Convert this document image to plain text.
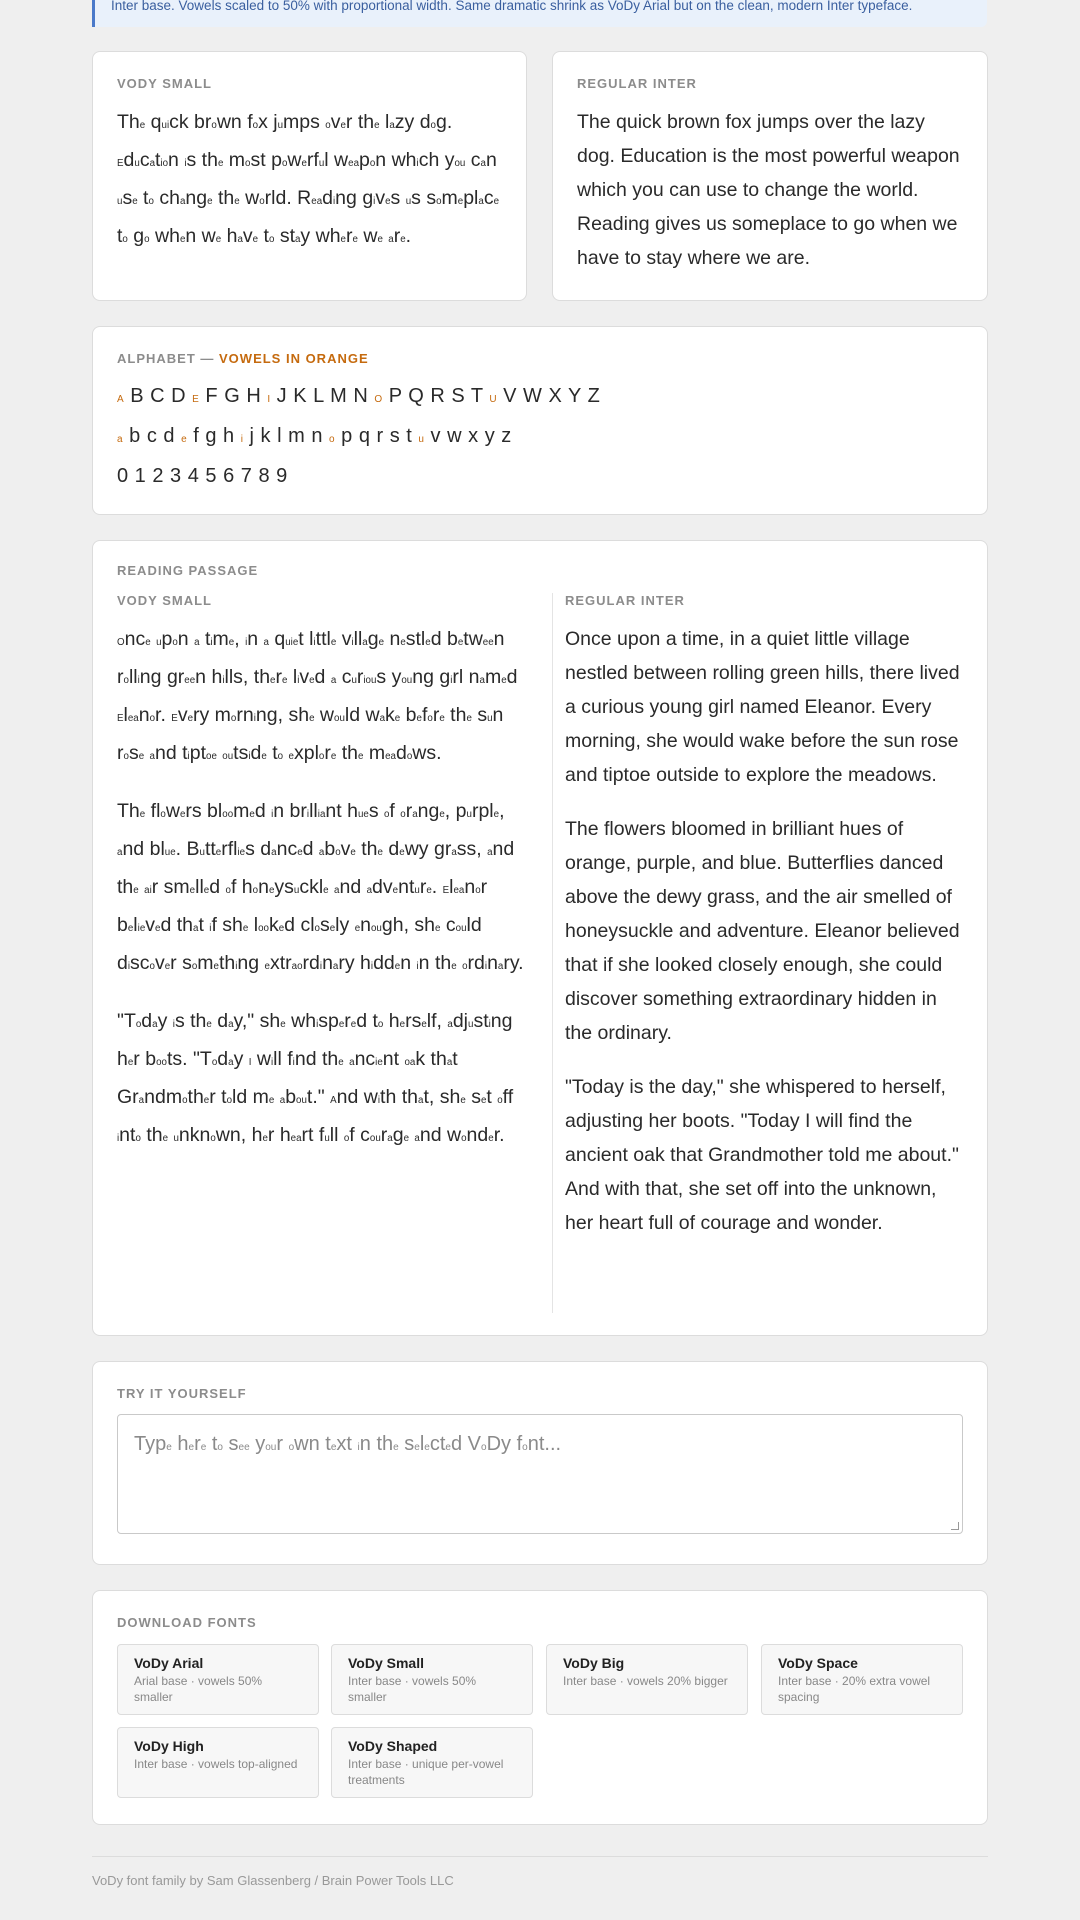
Inter base. Vowels scaled to 50% with proportional width. Same dramatic shrink as VoDy Arial but on the clean, modern Inter typeface.
VODY SMALL
The quick brown fox jumps over the lazy dog. Education is the most powerful weapon which you can use to change the world. Reading gives us someplace to go when we have to stay where we are.
REGULAR INTER
The quick brown fox jumps over the lazy dog. Education is the most powerful weapon which you can use to change the world. Reading gives us someplace to go when we have to stay where we are.
ALPHABET — VOWELS IN ORANGE
A B C D E F G H I J K L M N O P Q R S T U V W X Y Z
a b c d e f g h i j k l m n o p q r s t u v w x y z
0 1 2 3 4 5 6 7 8 9
READING PASSAGE
VODY SMALL

Once upon a time, in a quiet little village nestled between rolling green hills, there lived a curious young girl named Eleanor. Every morning, she would wake before the sun rose and tiptoe outside to explore the meadows.

The flowers bloomed in brilliant hues of orange, purple, and blue. Butterflies danced above the dewy grass, and the air smelled of honeysuckle and adventure. Eleanor believed that if she looked closely enough, she could discover something extraordinary hidden in the ordinary.

"Today is the day," she whispered to herself, adjusting her boots. "Today I will find the ancient oak that Grandmother told me about." And with that, she set off into the unknown, her heart full of courage and wonder.

REGULAR INTER

Once upon a time, in a quiet little village nestled between rolling green hills, there lived a curious young girl named Eleanor. Every morning, she would wake before the sun rose and tiptoe outside to explore the meadows.

The flowers bloomed in brilliant hues of orange, purple, and blue. Butterflies danced above the dewy grass, and the air smelled of honeysuckle and adventure. Eleanor believed that if she looked closely enough, she could discover something extraordinary hidden in the ordinary.

"Today is the day," she whispered to herself, adjusting her boots. "Today I will find the ancient oak that Grandmother told me about." And with that, she set off into the unknown, her heart full of courage and wonder.

TRY IT YOURSELF
Type here to see your own text in the selected VoDy font...
DOWNLOAD FONTS
VoDy Arial
Arial base · vowels 50% smaller
VoDy Small
Inter base · vowels 50% smaller
VoDy Big
Inter base · vowels 20% bigger
VoDy Space
Inter base · 20% extra vowel spacing
VoDy High
Inter base · vowels top-aligned
VoDy Shaped
Inter base · unique per-vowel treatments
VoDy font family by Sam Glassenberg / Brain Power Tools LLC
